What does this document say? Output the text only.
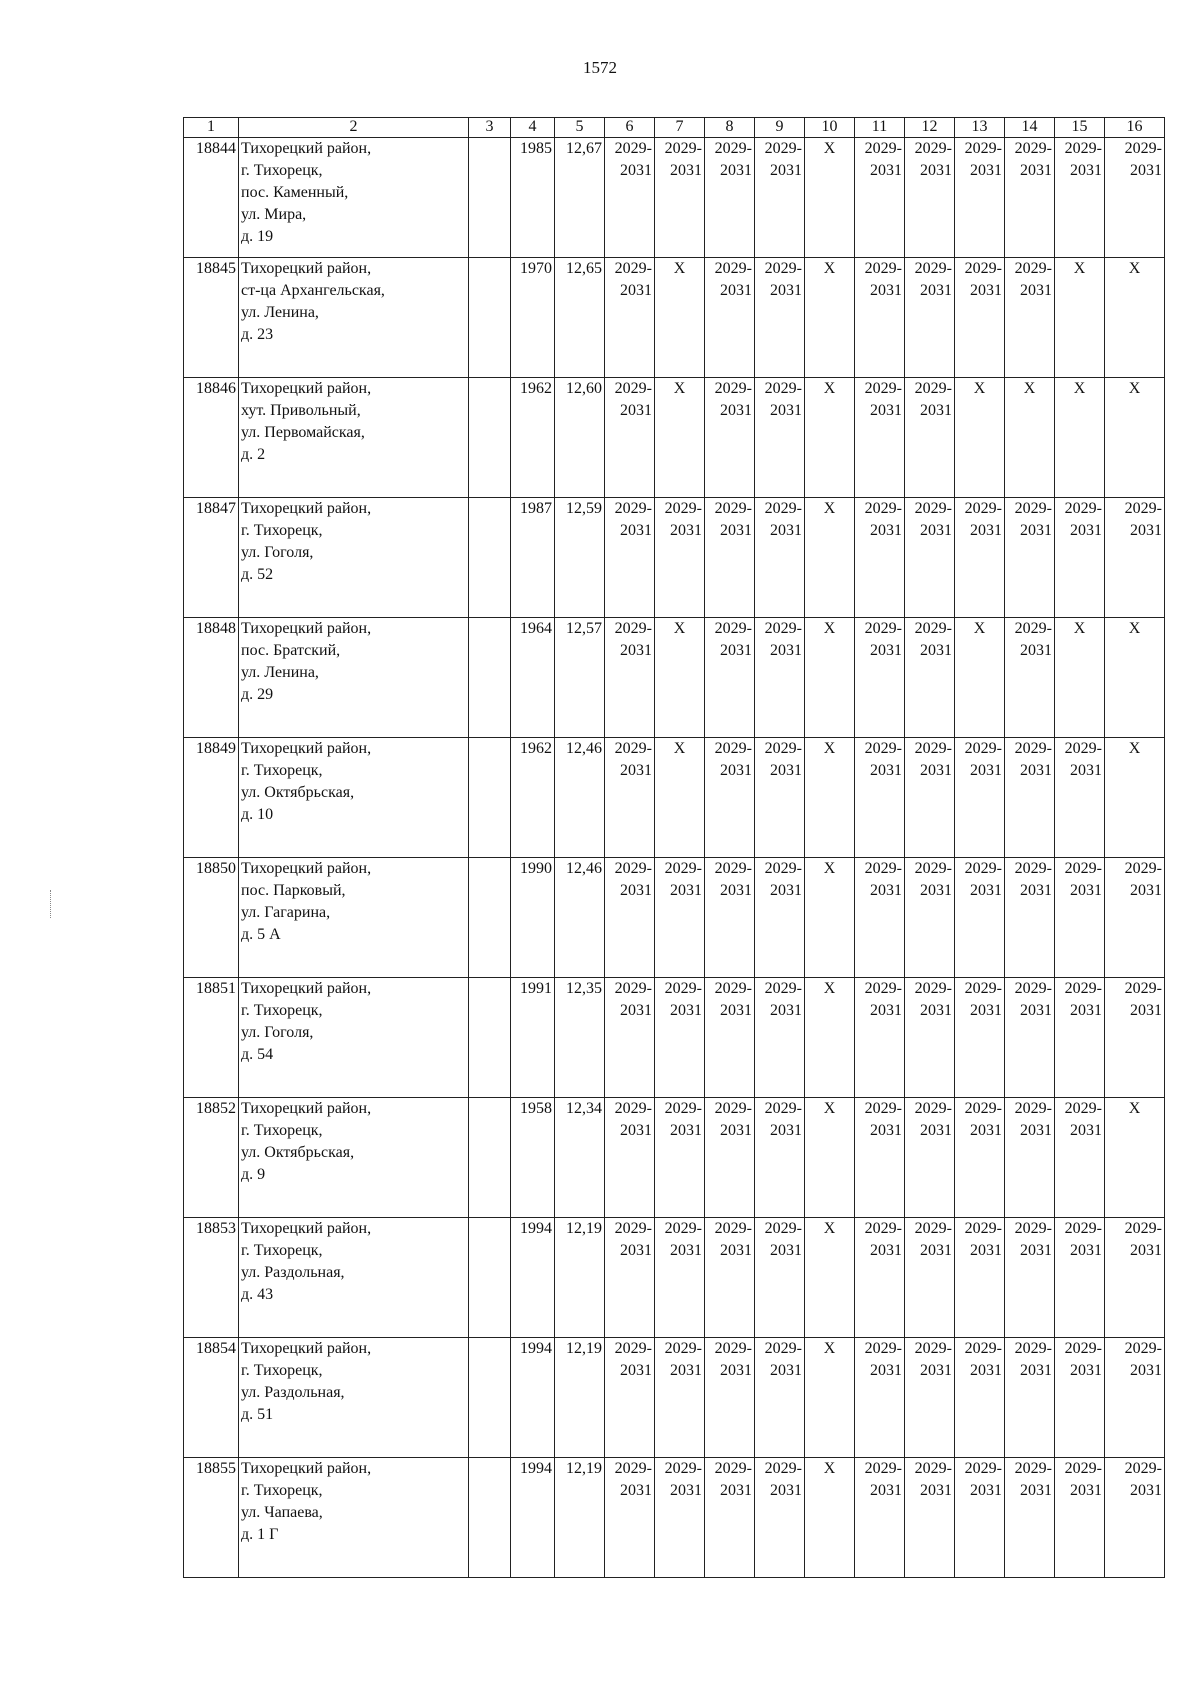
1572
1	2	3	4	5	6	7	8	9	10	11	12	13	14	15	16
18844	Тихорецкий район,
г. Тихорецк,
пос. Каменный,
ул. Мира,
д. 19		1985	12,67	2029-
2031	2029-
2031	2029-
2031	2029-
2031	Х	2029-
2031	2029-
2031	2029-
2031	2029-
2031	2029-
2031	2029-
2031

18845	Тихорецкий район,
ст-ца Архангельская,
ул. Ленина,
д. 23		1970	12,65	2029-
2031	Х	2029-
2031	2029-
2031	Х	2029-
2031	2029-
2031	2029-
2031	2029-
2031	Х	Х
18846	Тихорецкий район,
хут. Привольный,
ул. Первомайская,
д. 2		1962	12,60	2029-
2031	Х	2029-
2031	2029-
2031	Х	2029-
2031	2029-
2031	Х	Х	Х	Х
18847	Тихорецкий район,
г. Тихорецк,
ул. Гоголя,
д. 52		1987	12,59	2029-
2031	2029-
2031	2029-
2031	2029-
2031	Х	2029-
2031	2029-
2031	2029-
2031	2029-
2031	2029-
2031	2029-
2031

18848	Тихорецкий район,
пос. Братский,
ул. Ленина,
д. 29		1964	12,57	2029-
2031	Х	2029-
2031	2029-
2031	Х	2029-
2031	2029-
2031	Х	2029-
2031	Х	Х
18849	Тихорецкий район,
г. Тихорецк,
ул. Октябрьская,
д. 10		1962	12,46	2029-
2031	Х	2029-
2031	2029-
2031	Х	2029-
2031	2029-
2031	2029-
2031	2029-
2031	2029-
2031	Х
18850	Тихорецкий район,
пос. Парковый,
ул. Гагарина,
д. 5 А		1990	12,46	2029-
2031	2029-
2031	2029-
2031	2029-
2031	Х	2029-
2031	2029-
2031	2029-
2031	2029-
2031	2029-
2031	2029-
2031

18851	Тихорецкий район,
г. Тихорецк,
ул. Гоголя,
д. 54		1991	12,35	2029-
2031	2029-
2031	2029-
2031	2029-
2031	Х	2029-
2031	2029-
2031	2029-
2031	2029-
2031	2029-
2031	2029-
2031

18852	Тихорецкий район,
г. Тихорецк,
ул. Октябрьская,
д. 9		1958	12,34	2029-
2031	2029-
2031	2029-
2031	2029-
2031	Х	2029-
2031	2029-
2031	2029-
2031	2029-
2031	2029-
2031	Х
18853	Тихорецкий район,
г. Тихорецк,
ул. Раздольная,
д. 43		1994	12,19	2029-
2031	2029-
2031	2029-
2031	2029-
2031	Х	2029-
2031	2029-
2031	2029-
2031	2029-
2031	2029-
2031	2029-
2031

18854	Тихорецкий район,
г. Тихорецк,
ул. Раздольная,
д. 51		1994	12,19	2029-
2031	2029-
2031	2029-
2031	2029-
2031	Х	2029-
2031	2029-
2031	2029-
2031	2029-
2031	2029-
2031	2029-
2031

18855	Тихорецкий район,
г. Тихорецк,
ул. Чапаева,
д. 1 Г		1994	12,19	2029-
2031	2029-
2031	2029-
2031	2029-
2031	Х	2029-
2031	2029-
2031	2029-
2031	2029-
2031	2029-
2031	2029-
2031
